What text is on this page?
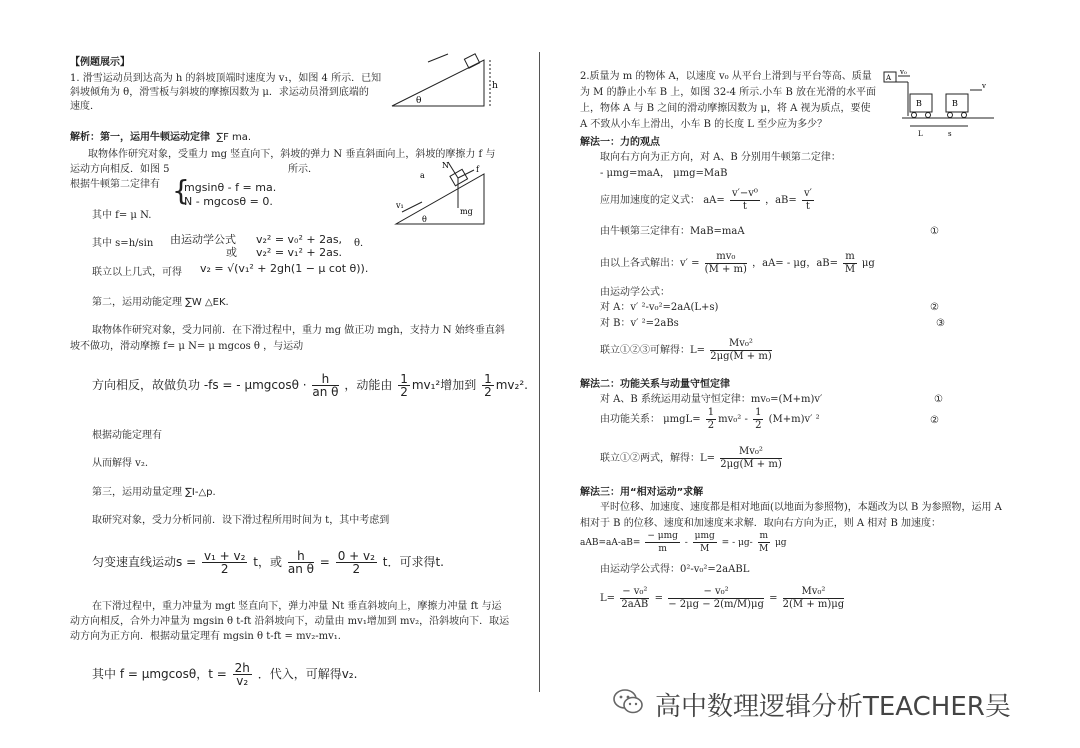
【例题展示】
1. 滑雪运动员到达高为 h 的斜坡顶端时速度为 v₁，如图 4 所示．已知
斜坡倾角为 θ，滑雪板与斜坡的摩擦因数为 μ．求运动员滑到底端的
速度．
h
θ
解析：第一，运用牛顿运动定律 ∑F ma.
取物体作研究对象，受重力 mg 竖直向下，斜坡的弹力 N 垂直斜面向上，斜坡的摩擦力 f 与
运动方向相反．如图 5	所示．
根据牛顿第二定律有 {
mgsinθ - f = ma.
N - mgcosθ = 0.
a
N	f
mg
v₁
θ
其中 f= μ N.
其中 s=h/sin 由运动学公式 v₂² = v₀² + 2as,
或 v₂² = v₁² + 2as.
θ．
联立以上几式，可得 v₂ = √(v₁² + 2gh(1 − μ cot θ)).
第二，运用动能定理 ∑W △EK.
取物体作研究对象，受力同前．在下滑过程中，重力 mg 做正功 mgh，支持力 N 始终垂直斜
坡不做功，滑动摩擦 f= μ N= μ mgcos θ ，与运动
方向相反，故做负功 -fs = - $\mu mgcos\theta \cdot \frac{h}{\text{an θ}}$ ，动能由 $\frac{1}{2} mv_1^2$增加到 $\frac{1}{2} mv_2^2$.
根据动能定理有
从而解得 v₂.
第三，运用动量定理 ∑I-△p.
取研究对象，受力分析同前．设下滑过程所用时间为 t，其中考虑到
匀变速直线运动$s = \frac{\text{v₁ + v₂}}{2}$ t，或 $\frac{h}{\text{an θ}} = \frac{\text{0 + v₂}}{2}$ t．可求得t.
在下滑过程中，重力冲量为 mgt 竖直向下，弹力冲量 Nt 垂直斜坡向上，摩擦力冲量 ft 与运
动方向相反，合外力冲量为 mgsin θ t-ft 沿斜坡向下，动量由 mv₁增加到 mv₂，沿斜坡向下．取运
动方向为正方向．根据动量定理有 mgsin θ t-ft = mv₂-mv₁.
其中 f = μmgcosθ，$t = \frac{2h}{\text{v₂}}$ ．代入，可解得v₂.
2.质量为 m 的物体 A，以速度 v₀ 从平台上滑到与平台等高、质量
为 M 的静止小车 B 上，如图 32-4 所示.小车 B 放在光滑的水平面
上，物体 A 与 B 之间的滑动摩擦因数为 μ，将 A 视为质点，要使
A 不致从小车上滑出，小车 B 的长度 L 至少应为多少？
A
v₀
B	B
v
L	s
解法一：力的观点
取向右方向为正方向，对 A、B 分别用牛顿第二定律：
- μmg=maA， μmg=MaB
应用加速度的定义式： $aA= \frac{\text{v′−v⁰}}{t}$ ，$aB= \frac{v'}{t}$
由牛顿第三定律有：MaB=maA	①
由以上各式解出：$v' = \frac{\text{mv₀}}{(M + m)}$ ，aA= - μg，$aB= \frac{m}{M}$ μg
由运动学公式：
对 A：v′ ²-v₀²=2aA(L+s)	②
对 B：v′ ²=2aBs	③
联立①②③可解得：$L= \frac{\text{Mv₀²}}{2\mu g(M + m)}$
解法二：功能关系与动量守恒定律
对 A、B 系统运用动量守恒定律：mv₀=(M+m)v′	①
由功能关系： $\mu mgL= \frac{1}{2} mv_0^2 - \frac{1}{2} (M+m)v'$ ²	②
联立①②两式，解得：$L= \frac{\text{Mv₀²}}{2\mu g(M + m)}$
解法三：用“相对运动”求解
平时位移、加速度、速度都是相对地面(以地面为参照物)，本题改为以 B 为参照物，运用 A
相对于 B 的位移、速度和加速度来求解．取向右方向为正，则 A 相对 B 加速度：
$aAB=aA-aB= \frac{\text{− μmg}}{m} - \frac{\text{μmg}}{M}$ = - $\mu g- \frac{m}{M}$ μg
由运动学公式得：0²-v₀²=2aABL
$L= \frac{\text{− v₀²}}{\text{2aAB}} = \frac{\text{− v₀²}}{- 2\mu g - 2(m/M)\mu g} = \frac{\text{Mv₀²}}{2(M + m)\mu g}$
高中数理逻辑分析TEACHER吴
